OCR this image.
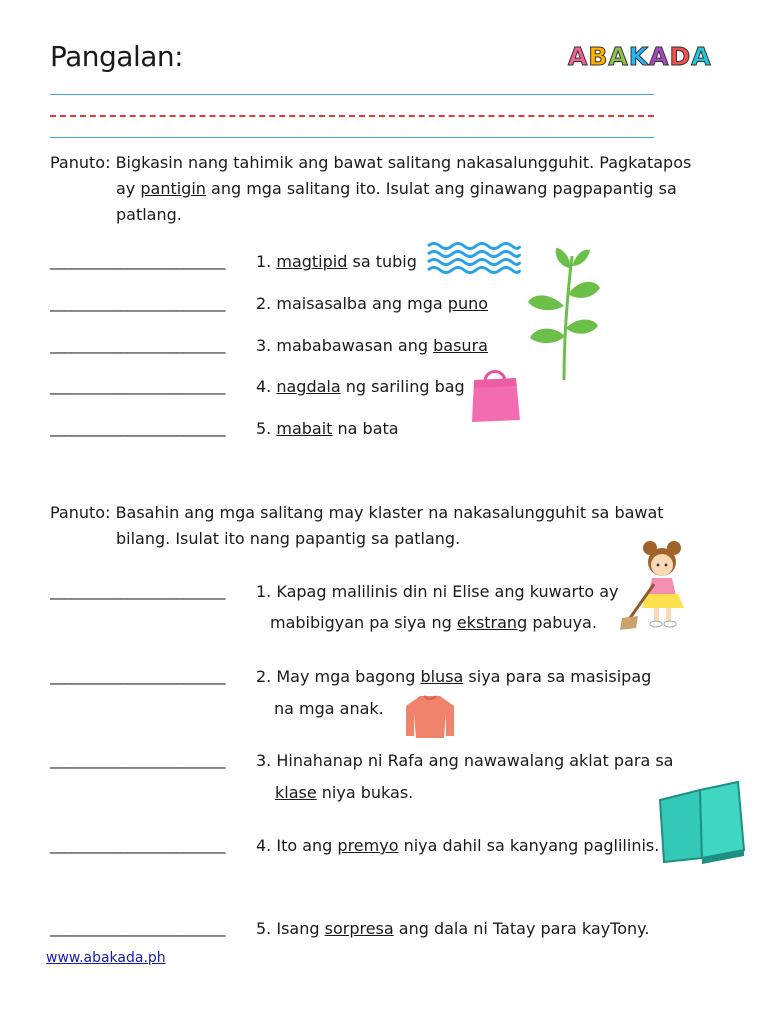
Pangalan:	ABAKADA
Panuto: Bigkasin nang tahimik ang bawat salitang nakasalungguhit. Pagkatapos
ay pantigin ang mga salitang ito. Isulat ang ginawang pagpapantig sa
patlang.
_________________________ 1. magtipid sa tubig
_________________________ 2. maisasalba ang mga puno
_________________________ 3. mababawasan ang basura
_________________________ 4. nagdala ng sariling bag
_________________________ 5. mabait na bata
Panuto: Basahin ang mga salitang may klaster na nakasalungguhit sa bawat
bilang. Isulat ito nang papantig sa patlang.
_________________________ 1. Kapag malilinis din ni Elise ang kuwarto ay
mabibigyan pa siya ng ekstrang pabuya.
_________________________ 2. May mga bagong blusa siya para sa masisipag
na mga anak.
_________________________ 3. Hinahanap ni Rafa ang nawawalang aklat para sa
klase niya bukas.
_________________________ 4. Ito ang premyo niya dahil sa kanyang paglilinis.
_________________________ 5. Isang sorpresa ang dala ni Tatay para kayTony.
www.abakada.ph
